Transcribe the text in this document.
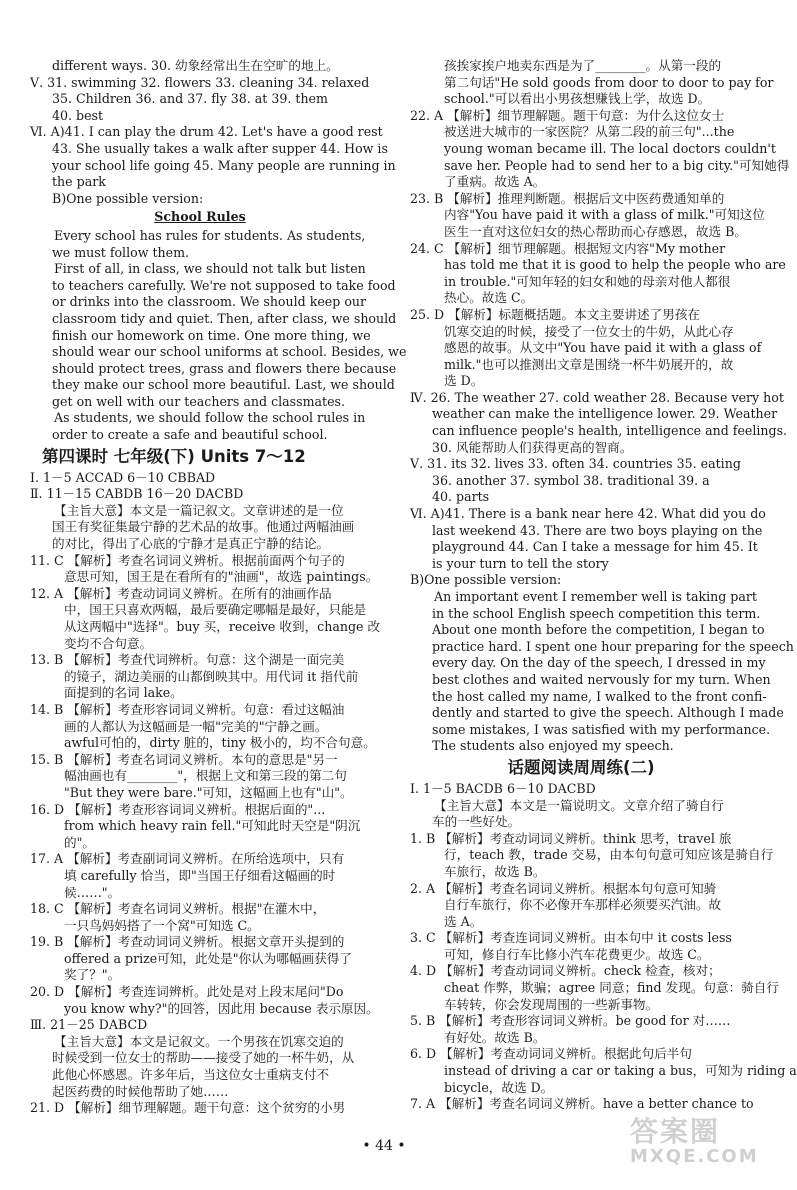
different ways. 30. 幼象经常出生在空旷的地上。
Ⅴ. 31. swimming 32. flowers 33. cleaning 34. relaxed
35. Children 36. and 37. fly 38. at 39. them
40. best
Ⅵ. A)41. I can play the drum 42. Let's have a good rest
43. She usually takes a walk after supper 44. How is
your school life going 45. Many people are running in
the park
B)One possible version:
School Rules
Every school has rules for students. As students,
we must follow them.
First of all, in class, we should not talk but listen
to teachers carefully. We're not supposed to take food
or drinks into the classroom. We should keep our
classroom tidy and quiet. Then, after class, we should
finish our homework on time. One more thing, we
should wear our school uniforms at school. Besides, we
should protect trees, grass and flowers there because
they make our school more beautiful. Last, we should
get on well with our teachers and classmates.
As students, we should follow the school rules in
order to create a safe and beautiful school.
第四课时 七年级(下) Units 7～12
Ⅰ. 1－5 ACCAD 6－10 CBBAD
Ⅱ. 11－15 CABDB 16－20 DACBD
【主旨大意】本文是一篇记叙文。文章讲述的是一位
国王有奖征集最宁静的艺术品的故事。他通过两幅油画
的对比，得出了心底的宁静才是真正宁静的结论。
11. C 【解析】考查名词词义辨析。根据前面两个句子的
意思可知，国王是在看所有的"油画"，故选 paintings。
12. A 【解析】考查动词词义辨析。在所有的油画作品
中，国王只喜欢两幅，最后要确定哪幅是最好，只能是
从这两幅中"选择"。buy 买，receive 收到，change 改
变均不合句意。
13. B 【解析】考查代词辨析。句意：这个湖是一面完美
的镜子，湖边美丽的山都倒映其中。用代词 it 指代前
面提到的名词 lake。
14. B 【解析】考查形容词词义辨析。句意：看过这幅油
画的人都认为这幅画是一幅"完美的"宁静之画。
awful可怕的，dirty 脏的，tiny 极小的，均不合句意。
15. B 【解析】考查名词词义辨析。本句的意思是"另一
幅油画也有________"，根据上文和第三段的第二句
"But they were bare."可知，这幅画上也有"山"。
16. D 【解析】考查形容词词义辨析。根据后面的"...
from which heavy rain fell."可知此时天空是"阴沉
的"。
17. A 【解析】考查副词词义辨析。在所给选项中，只有
填 carefully 恰当，即"当国王仔细看这幅画的时
候……"。
18. C 【解析】考查名词词义辨析。根据"在灌木中，
一只鸟妈妈搭了一个窝"可知选 C。
19. B 【解析】考查动词词义辨析。根据文章开头提到的
offered a prize可知，此处是"你认为哪幅画获得了
奖了？"。
20. D 【解析】考查连词辨析。此处是对上段末尾问"Do
you know why?"的回答，因此用 because 表示原因。
Ⅲ. 21－25 DABCD
【主旨大意】本文是记叙文。一个男孩在饥寒交迫的
时候受到一位女士的帮助——接受了她的一杯牛奶，从
此他心怀感恩。许多年后，当这位女士重病支付不
起医药费的时候他帮助了她……
21. D 【解析】细节理解题。题干句意：这个贫穷的小男
孩挨家挨户地卖东西是为了________。从第一段的
第二句话"He sold goods from door to door to pay for
school."可以看出小男孩想赚钱上学，故选 D。
22. A 【解析】细节理解题。题干句意：为什么这位女士
被送进大城市的一家医院？从第二段的前三句"...the
young woman became ill. The local doctors couldn't
save her. People had to send her to a big city."可知她得
了重病。故选 A。
23. B 【解析】推理判断题。根据后文中医药费通知单的
内容"You have paid it with a glass of milk."可知这位
医生一直对这位妇女的热心帮助而心存感恩，故选 B。
24. C 【解析】细节理解题。根据短文内容"My mother
has told me that it is good to help the people who are
in trouble."可知年轻的妇女和她的母亲对他人都很
热心。故选 C。
25. D 【解析】标题概括题。本文主要讲述了男孩在
饥寒交迫的时候，接受了一位女士的牛奶，从此心存
感恩的故事。从文中"You have paid it with a glass of
milk."也可以推测出文章是围绕一杯牛奶展开的，故
选 D。
Ⅳ. 26. The weather 27. cold weather 28. Because very hot
weather can make the intelligence lower. 29. Weather
can influence people's health, intelligence and feelings.
30. 风能帮助人们获得更高的智商。
Ⅴ. 31. its 32. lives 33. often 34. countries 35. eating
36. another 37. symbol 38. traditional 39. a
40. parts
Ⅵ. A)41. There is a bank near here 42. What did you do
last weekend 43. There are two boys playing on the
playground 44. Can I take a message for him 45. It
is your turn to tell the story
B)One possible version:
An important event I remember well is taking part
in the school English speech competition this term.
About one month before the competition, I began to
practice hard. I spent one hour preparing for the speech
every day. On the day of the speech, I dressed in my
best clothes and waited nervously for my turn. When
the host called my name, I walked to the front confi-
dently and started to give the speech. Although I made
some mistakes, I was satisfied with my performance.
The students also enjoyed my speech.
话题阅读周周练(二)
Ⅰ. 1－5 BACDB 6－10 DACBD
【主旨大意】本文是一篇说明文。文章介绍了骑自行
车的一些好处。
1. B 【解析】考查动词词义辨析。think 思考，travel 旅
行，teach 教，trade 交易，由本句句意可知应该是骑自行
车旅行，故选 B。
2. A 【解析】考查名词词义辨析。根据本句句意可知骑
自行车旅行，你不必像开车那样必须要买汽油。故
选 A。
3. C 【解析】考查连词词义辨析。由本句中 it costs less
可知，修自行车比修小汽车花费更少。故选 C。
4. D 【解析】考查动词词义辨析。check 检查，核对；
cheat 作弊，欺骗；agree 同意；find 发现。句意：骑自行
车转转，你会发现周围的一些新事物。
5. B 【解析】考查形容词词义辨析。be good for 对……
有好处。故选 B。
6. D 【解析】考查动词词义辨析。根据此句后半句
instead of driving a car or taking a bus，可知为 riding a
bicycle，故选 D。
7. A 【解析】考查名词词义辨析。have a better chance to
• 44 •	答案圈
MXQE.COM
